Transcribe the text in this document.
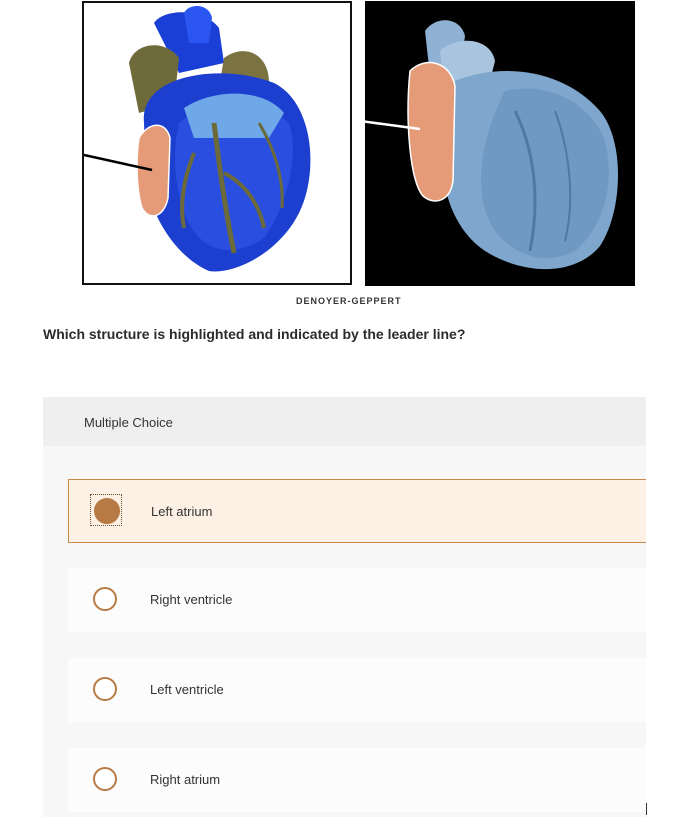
DENOYER-GEPPERT
Which structure is highlighted and indicated by the leader line?
Multiple Choice
Left atrium
Right ventricle
Left ventricle
Right atrium
